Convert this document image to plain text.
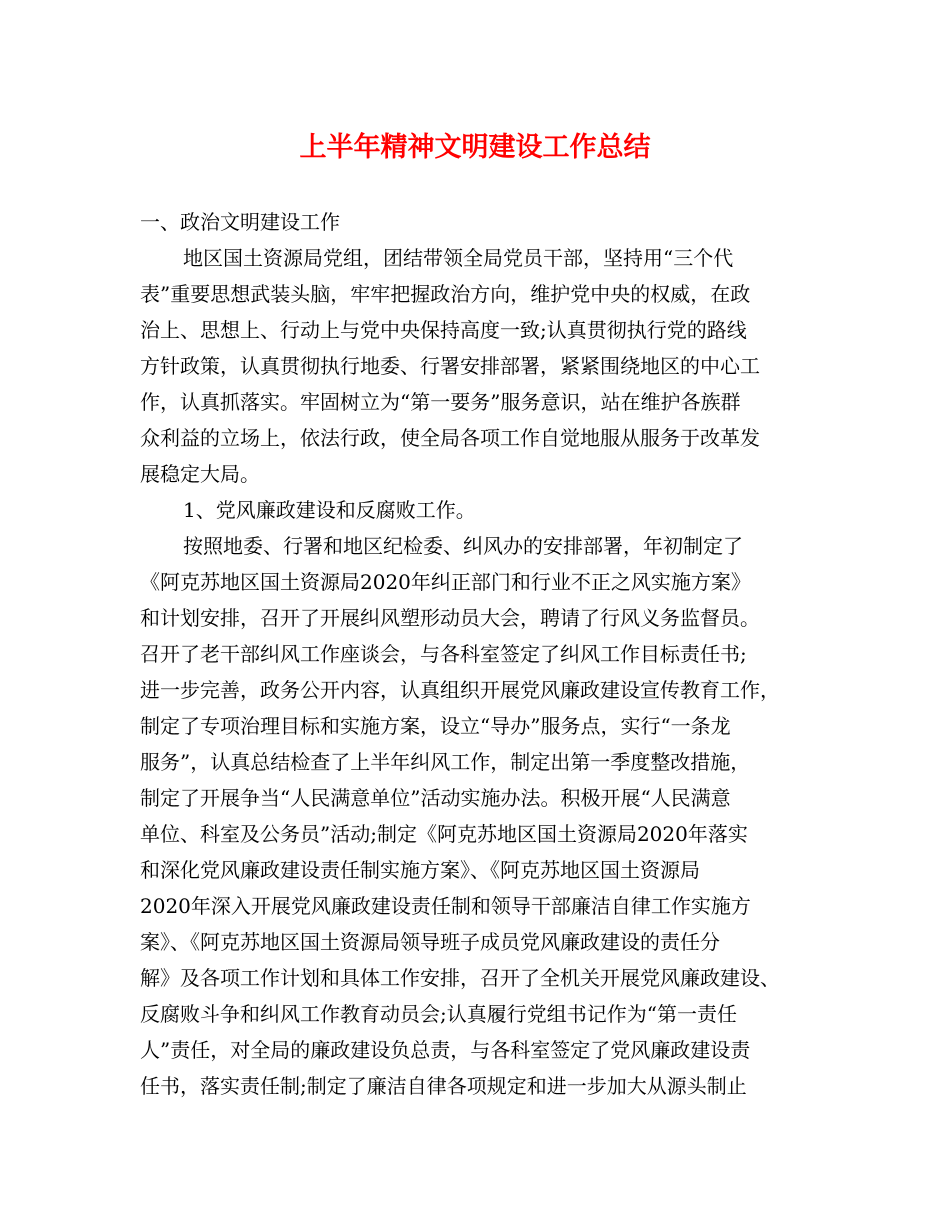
上半年精神文明建设工作总结
一、政治文明建设工作
地区国土资源局党组，团结带领全局党员干部，坚持用“三个代
表”重要思想武装头脑，牢牢把握政治方向，维护党中央的权威，在政
治上、思想上、行动上与党中央保持高度一致;认真贯彻执行党的路线
方针政策，认真贯彻执行地委、行署安排部署，紧紧围绕地区的中心工
作，认真抓落实。牢固树立为“第一要务”服务意识，站在维护各族群
众利益的立场上，依法行政，使全局各项工作自觉地服从服务于改革发
展稳定大局。
1、党风廉政建设和反腐败工作。
按照地委、行署和地区纪检委、纠风办的安排部署，年初制定了
《阿克苏地区国土资源局2020年纠正部门和行业不正之风实施方案》
和计划安排，召开了开展纠风塑形动员大会，聘请了行风义务监督员。
召开了老干部纠风工作座谈会，与各科室签定了纠风工作目标责任书;
进一步完善，政务公开内容，认真组织开展党风廉政建设宣传教育工作，
制定了专项治理目标和实施方案，设立“导办”服务点，实行“一条龙
服务”，认真总结检查了上半年纠风工作，制定出第一季度整改措施，
制定了开展争当“人民满意单位”活动实施办法。积极开展“人民满意
单位、科室及公务员”活动;制定《阿克苏地区国土资源局2020年落实
和深化党风廉政建设责任制实施方案》、《阿克苏地区国土资源局
2020年深入开展党风廉政建设责任制和领导干部廉洁自律工作实施方
案》、《阿克苏地区国土资源局领导班子成员党风廉政建设的责任分
解》及各项工作计划和具体工作安排，召开了全机关开展党风廉政建设、
反腐败斗争和纠风工作教育动员会;认真履行党组书记作为“第一责任
人”责任，对全局的廉政建设负总责，与各科室签定了党风廉政建设责
任书，落实责任制;制定了廉洁自律各项规定和进一步加大从源头制止
